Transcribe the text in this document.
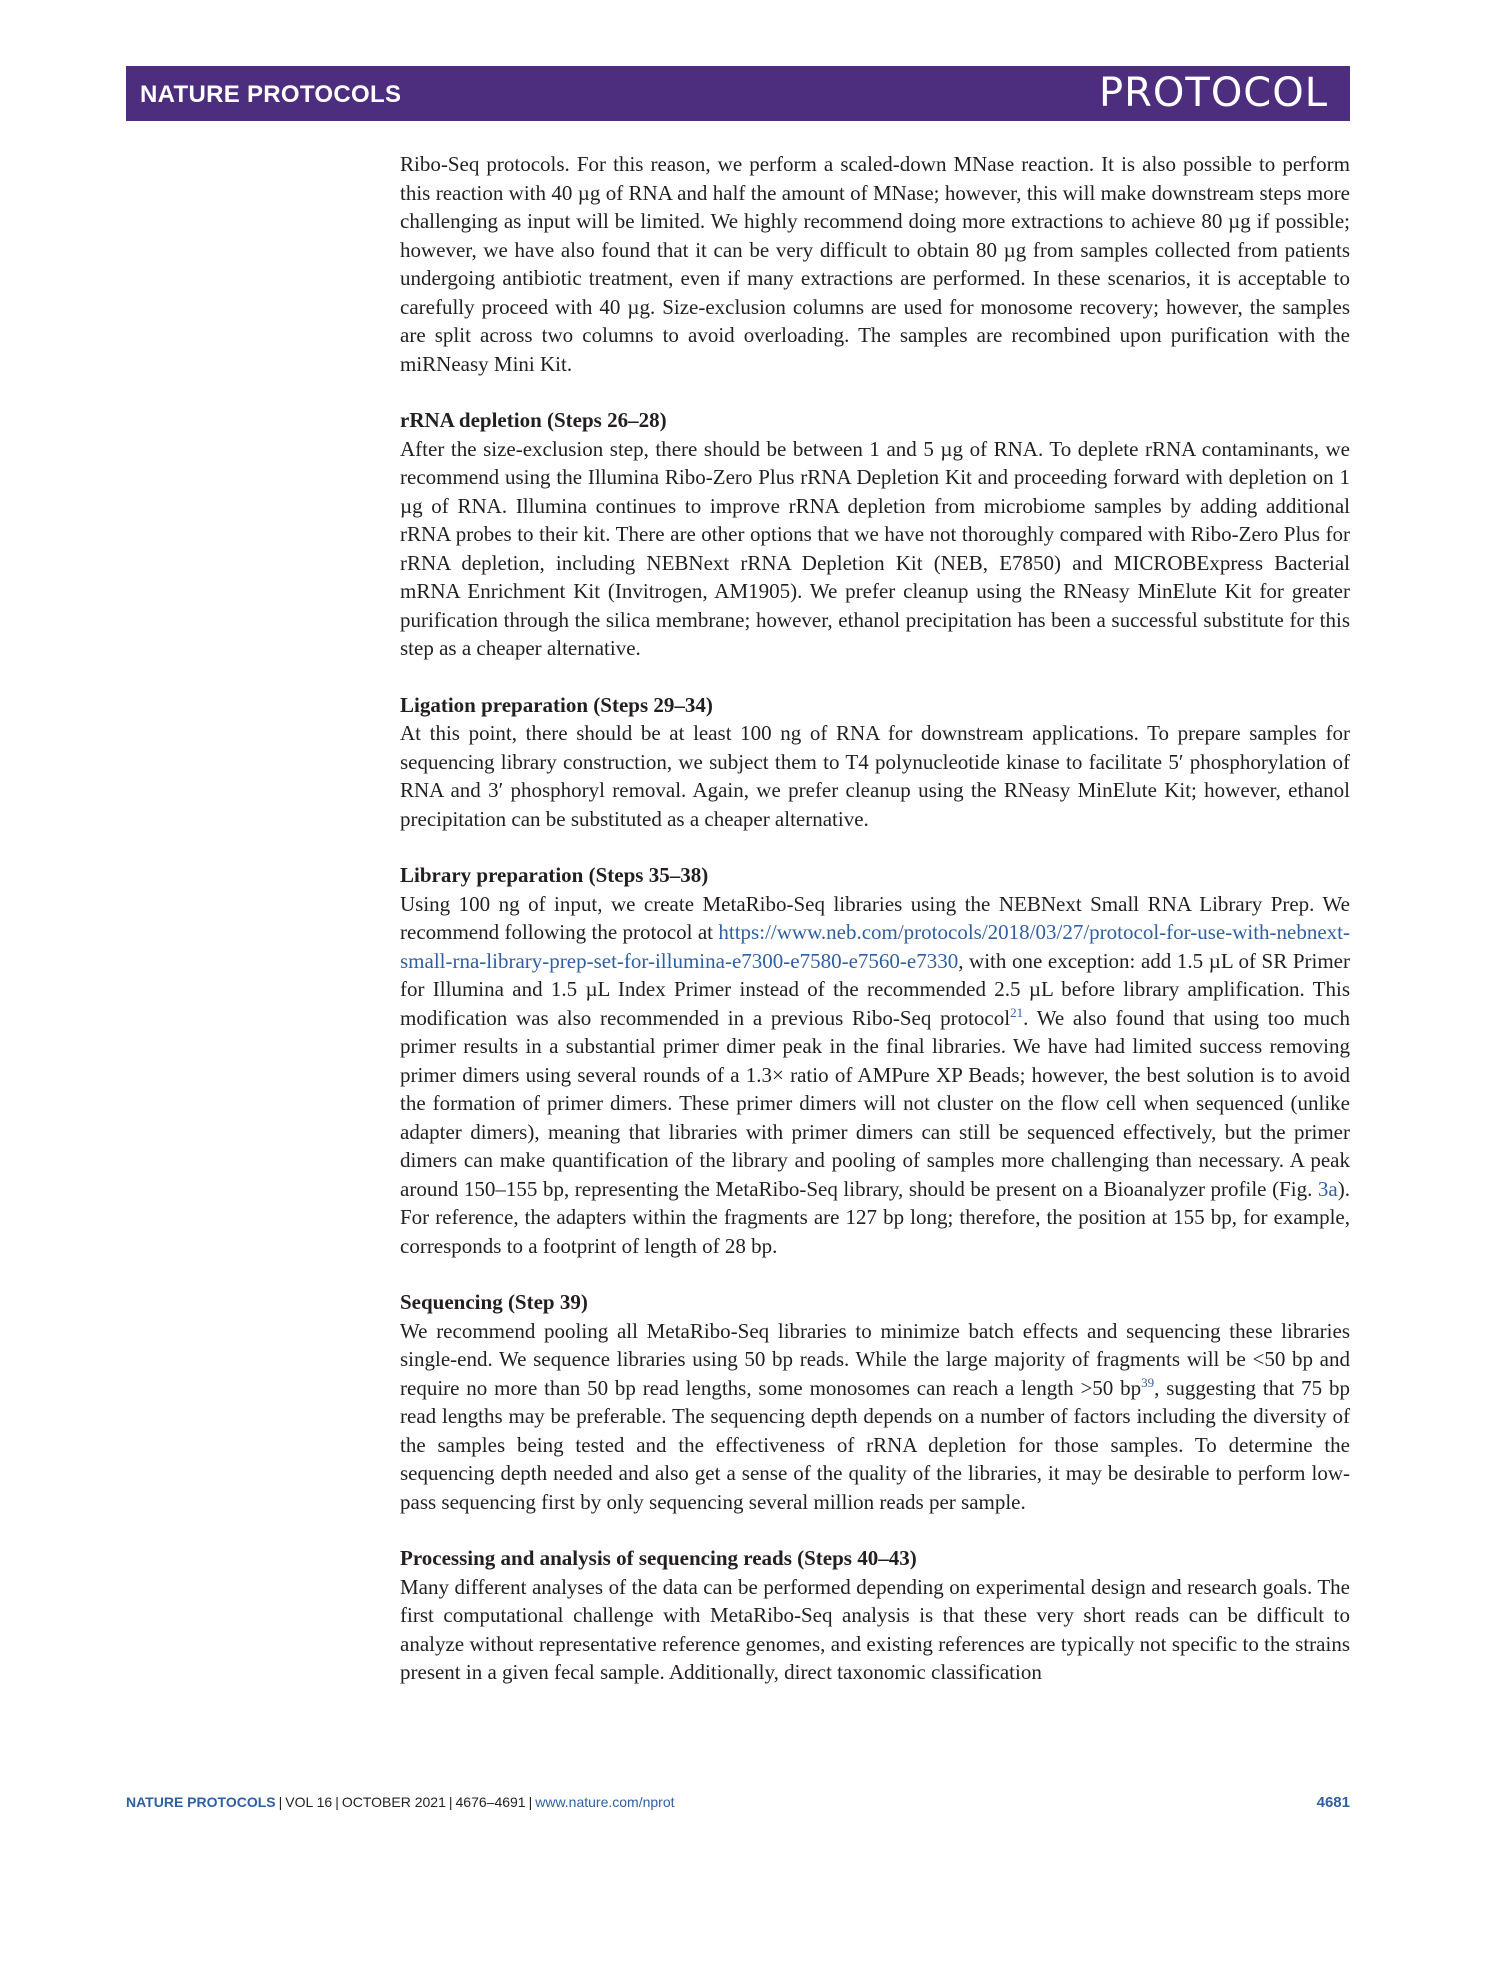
NATURE PROTOCOLS	PROTOCOL

Ribo-Seq protocols. For this reason, we perform a scaled-down MNase reaction. It is also possible to perform this reaction with 40 µg of RNA and half the amount of MNase; however, this will make downstream steps more challenging as input will be limited. We highly recommend doing more extractions to achieve 80 µg if possible; however, we have also found that it can be very difficult to obtain 80 µg from samples collected from patients undergoing antibiotic treatment, even if many extractions are performed. In these scenarios, it is acceptable to carefully proceed with 40 µg. Size-exclusion columns are used for monosome recovery; however, the samples are split across two columns to avoid overloading. The samples are recombined upon purification with the miRNeasy Mini Kit.

rRNA depletion (Steps 26–28)

After the size-exclusion step, there should be between 1 and 5 µg of RNA. To deplete rRNA contaminants, we recommend using the Illumina Ribo-Zero Plus rRNA Depletion Kit and proceeding forward with depletion on 1 µg of RNA. Illumina continues to improve rRNA depletion from microbiome samples by adding additional rRNA probes to their kit. There are other options that we have not thoroughly compared with Ribo-Zero Plus for rRNA depletion, including NEBNext rRNA Depletion Kit (NEB, E7850) and MICROBExpress Bacterial mRNA Enrichment Kit (Invitrogen, AM1905). We prefer cleanup using the RNeasy MinElute Kit for greater purification through the silica membrane; however, ethanol precipitation has been a successful substitute for this step as a cheaper alternative.

Ligation preparation (Steps 29–34)

At this point, there should be at least 100 ng of RNA for downstream applications. To prepare samples for sequencing library construction, we subject them to T4 polynucleotide kinase to facilitate 5′ phosphorylation of RNA and 3′ phosphoryl removal. Again, we prefer cleanup using the RNeasy MinElute Kit; however, ethanol precipitation can be substituted as a cheaper alternative.

Library preparation (Steps 35–38)

Using 100 ng of input, we create MetaRibo-Seq libraries using the NEBNext Small RNA Library Prep. We recommend following the protocol at https://www.neb.com/protocols/2018/03/27/protocol-for-use-with-nebnext-small-rna-library-prep-set-for-illumina-e7300-e7580-e7560-e7330, with one exception: add 1.5 µL of SR Primer for Illumina and 1.5 µL Index Primer instead of the recommended 2.5 µL before library amplification. This modification was also recommended in a previous Ribo-Seq protocol$^{21}$. We also found that using too much primer results in a substantial primer dimer peak in the final libraries. We have had limited success removing primer dimers using several rounds of a 1.3× ratio of AMPure XP Beads; however, the best solution is to avoid the formation of primer dimers. These primer dimers will not cluster on the flow cell when sequenced (unlike adapter dimers), meaning that libraries with primer dimers can still be sequenced effectively, but the primer dimers can make quantification of the library and pooling of samples more challenging than necessary. A peak around 150–155 bp, representing the MetaRibo-Seq library, should be present on a Bioanalyzer profile (Fig. 3a). For reference, the adapters within the fragments are 127 bp long; therefore, the position at 155 bp, for example, corresponds to a footprint of length of 28 bp.

Sequencing (Step 39)

We recommend pooling all MetaRibo-Seq libraries to minimize batch effects and sequencing these libraries single-end. We sequence libraries using 50 bp reads. While the large majority of fragments will be <50 bp and require no more than 50 bp read lengths, some monosomes can reach a length >50 bp$^{39}$, suggesting that 75 bp read lengths may be preferable. The sequencing depth depends on a number of factors including the diversity of the samples being tested and the effectiveness of rRNA depletion for those samples. To determine the sequencing depth needed and also get a sense of the quality of the libraries, it may be desirable to perform low-pass sequencing first by only sequencing several million reads per sample.

Processing and analysis of sequencing reads (Steps 40–43)

Many different analyses of the data can be performed depending on experimental design and research goals. The first computational challenge with MetaRibo-Seq analysis is that these very short reads can be difficult to analyze without representative reference genomes, and existing references are typically not specific to the strains present in a given fecal sample. Additionally, direct taxonomic classification

NATURE PROTOCOLS | VOL 16 | OCTOBER 2021 | 4676–4691 | www.nature.com/nprot	4681
